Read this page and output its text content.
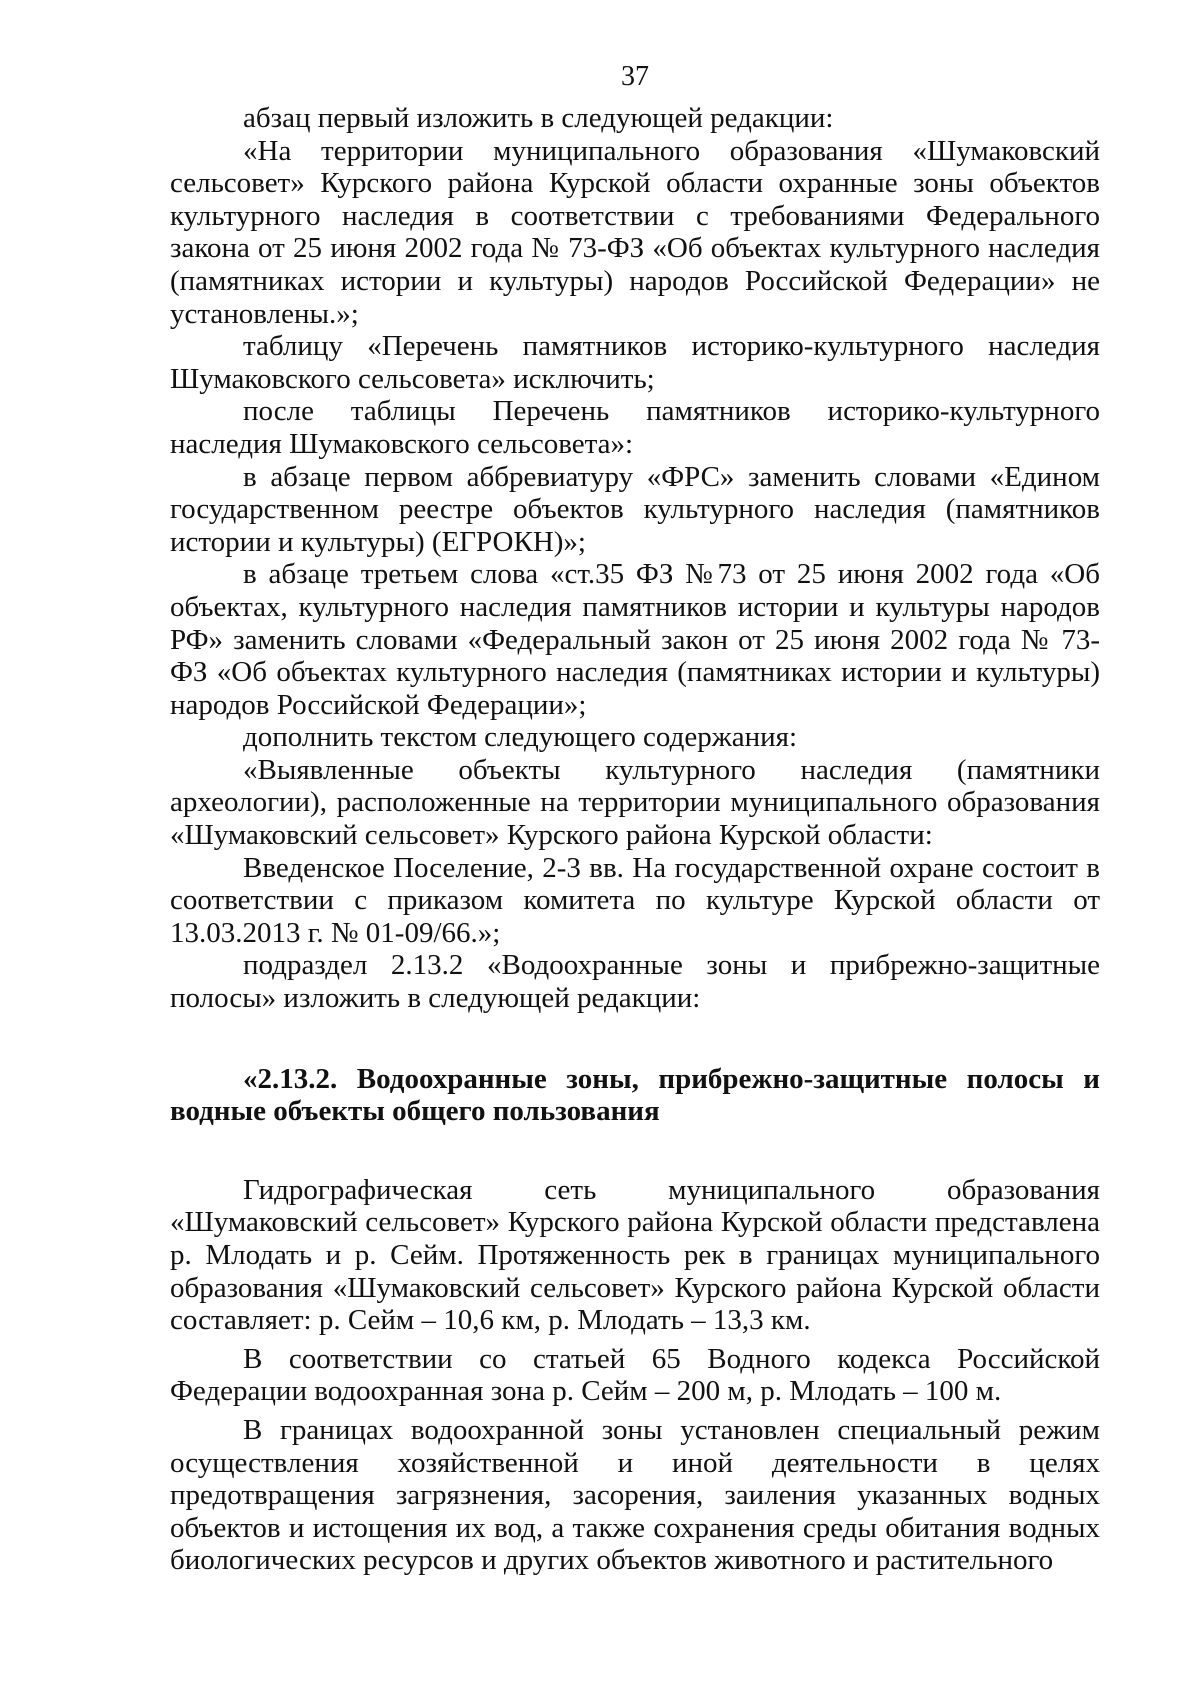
37

абзац первый изложить в следующей редакции:

«На территории муниципального образования «Шумаковский сельсовет» Курского района Курской области охранные зоны объектов культурного наследия в соответствии с требованиями Федерального закона от 25 июня 2002 года № 73-ФЗ «Об объектах культурного наследия (памятниках истории и культуры) народов Российской Федерации» не установлены.»;

таблицу «Перечень памятников историко-культурного наследия Шумаковского сельсовета» исключить;

после таблицы Перечень памятников историко-культурного наследия Шумаковского сельсовета»:

в абзаце первом аббревиатуру «ФРС» заменить словами «Едином государственном реестре объектов культурного наследия (памятников истории и культуры) (ЕГРОКН)»;

в абзаце третьем слова «ст.35 ФЗ №73 от 25 июня 2002 года «Об объектах, культурного наследия памятников истории и культуры народов РФ» заменить словами «Федеральный закон от 25 июня 2002 года № 73-ФЗ «Об объектах культурного наследия (памятниках истории и культуры) народов Российской Федерации»;

дополнить текстом следующего содержания:

«Выявленные объекты культурного наследия (памятники археологии), расположенные на территории муниципального образования «Шумаковский сельсовет» Курского района Курской области:

Введенское Поселение, 2-3 вв. На государственной охране состоит в соответствии с приказом комитета по культуре Курской области от 13.03.2013 г. № 01-09/66.»;

подраздел 2.13.2 «Водоохранные зоны и прибрежно-защитные полосы» изложить в следующей редакции:

«2.13.2. Водоохранные зоны, прибрежно-защитные полосы и водные объекты общего пользования

Гидрографическая сеть муниципального образования «Шумаковский сельсовет» Курского района Курской области представлена р. Млодать и р. Сейм. Протяженность рек в границах муниципального образования «Шумаковский сельсовет» Курского района Курской области составляет: р. Сейм – 10,6 км, р. Млодать – 13,3 км.

В соответствии со статьей 65 Водного кодекса Российской Федерации водоохранная зона р. Сейм – 200 м, р. Млодать – 100 м.

В границах водоохранной зоны установлен специальный режим осуществления хозяйственной и иной деятельности в целях предотвращения загрязнения, засорения, заиления указанных водных объектов и истощения их вод, а также сохранения среды обитания водных биологических ресурсов и других объектов животного и растительного
